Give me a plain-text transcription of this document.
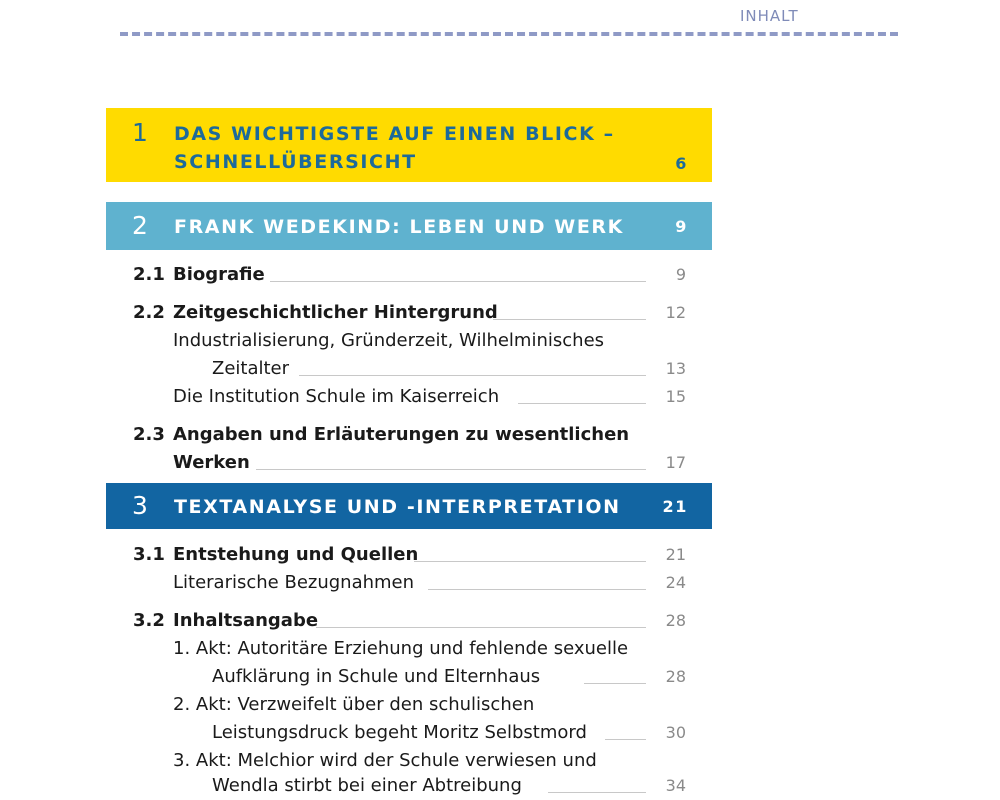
INHALT
1 DAS WICHTIGSTE AUF EINEN BLICK –
SCHNELLÜBERSICHT	6
2 FRANK WEDEKIND: LEBEN UND WERK	9
2.1 Biografie	9
2.2 Zeitgeschichtlicher Hintergrund	12
Industrialisierung, Gründerzeit, Wilhelminisches
Zeitalter	13
Die Institution Schule im Kaiserreich	15
2.3 Angaben und Erläuterungen zu wesentlichen
Werken	17
3 TEXTANALYSE UND -INTERPRETATION	21
3.1 Entstehung und Quellen	21
Literarische Bezugnahmen	24
3.2 Inhaltsangabe	28
1. Akt: Autoritäre Erziehung und fehlende sexuelle
Aufklärung in Schule und Elternhaus	28
2. Akt: Verzweifelt über den schulischen
Leistungsdruck begeht Moritz Selbstmord	30
3. Akt: Melchior wird der Schule verwiesen und
Wendla stirbt bei einer Abtreibung	34
